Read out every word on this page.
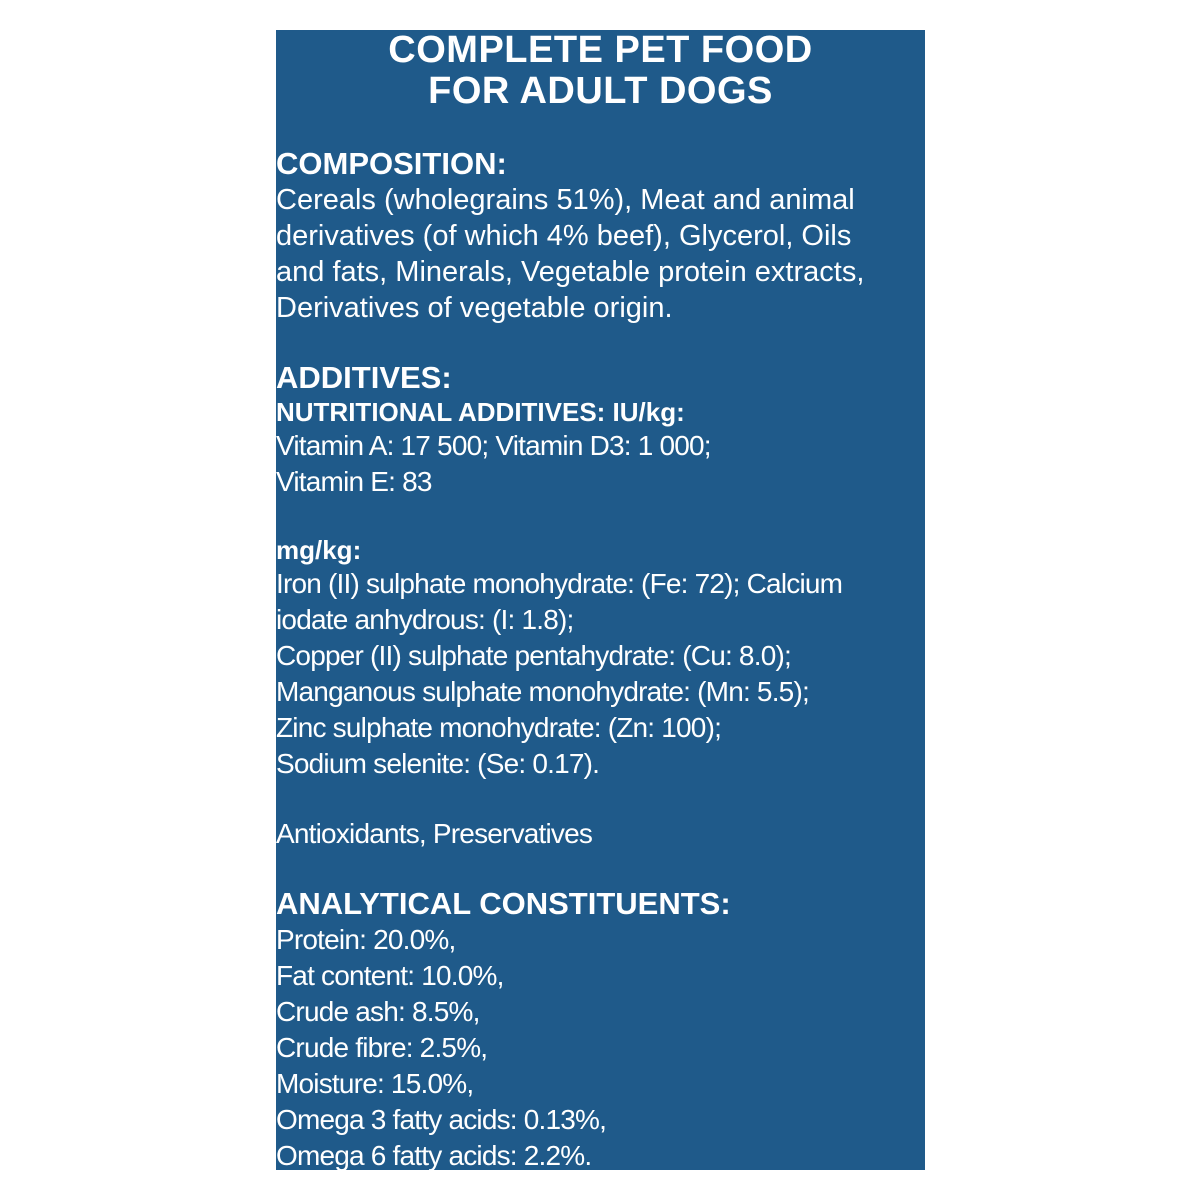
COMPLETE PET FOOD
FOR ADULT DOGS

COMPOSITION:

Cereals (wholegrains 51%), Meat and animal

derivatives (of which 4% beef), Glycerol, Oils

and fats, Minerals, Vegetable protein extracts,

Derivatives of vegetable origin.

ADDITIVES:

NUTRITIONAL ADDITIVES: IU/kg:

Vitamin A: 17 500; Vitamin D3: 1 000;

Vitamin E: 83

mg/kg:

Iron (II) sulphate monohydrate: (Fe: 72); Calcium

iodate anhydrous: (I: 1.8);

Copper (II) sulphate pentahydrate: (Cu: 8.0);

Manganous sulphate monohydrate: (Mn: 5.5);

Zinc sulphate monohydrate: (Zn: 100);

Sodium selenite: (Se: 0.17).

Antioxidants, Preservatives

ANALYTICAL CONSTITUENTS:

Protein: 20.0%,

Fat content: 10.0%,

Crude ash: 8.5%,

Crude fibre: 2.5%,

Moisture: 15.0%,

Omega 3 fatty acids: 0.13%,

Omega 6 fatty acids: 2.2%.
